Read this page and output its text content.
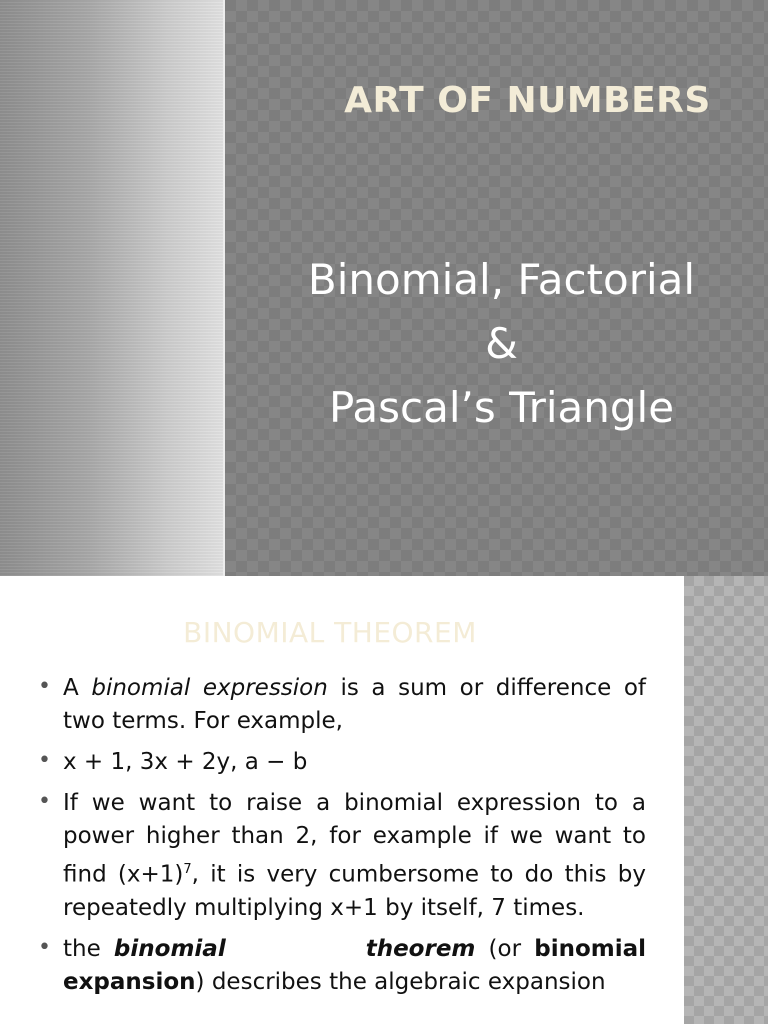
ART OF NUMBERS
Binomial, Factorial
&
Pascal’s Triangle
BINOMIAL THEOREM
• A binomial expression is a sum or difference of two terms. For example,
• x + 1, 3x + 2y, a − b
• If we want to raise a binomial expression to a power higher than 2, for example if we want to find $(x+1)^7$, it is very cumbersome to do this by repeatedly multiplying x+1 by itself, 7 times.
• the binomial	theorem (or binomial expansion) describes the algebraic expansion
